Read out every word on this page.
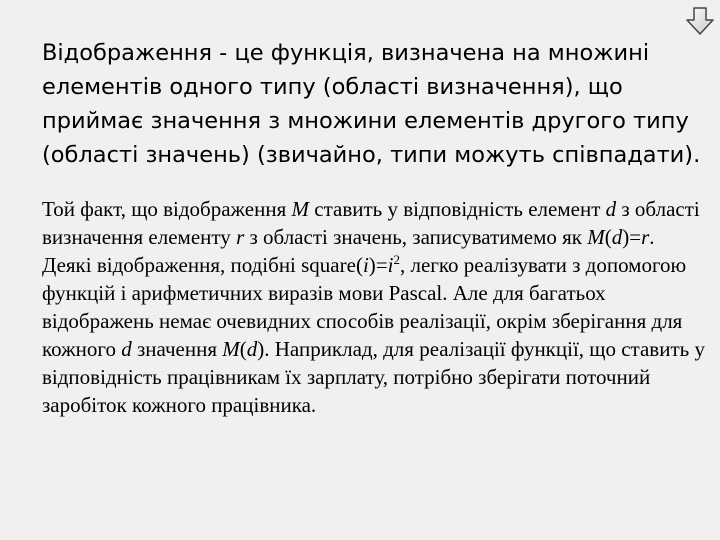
Відображення - це функція, визначена на множині
елементів одного типу (області визначення), що
приймає значення з множини елементів другого типу
(області значень) (звичайно, типи можуть співпадати).

Той факт, що відображення M ставить у відповідність елемент d з області визначення елементу r з області значень, записуватимемо як M(d)=r. Деякі відображення, подібні $square(i)=i^2$, легко реалізувати з допомогою функцій і арифметичних виразів мови Pascal. Але для багатьох відображень немає очевидних способів реалізації, окрім зберігання для кожного d значення M(d). Наприклад, для реалізації функції, що ставить у відповідність працівникам їх зарплату, потрібно зберігати поточний заробіток кожного працівника.
